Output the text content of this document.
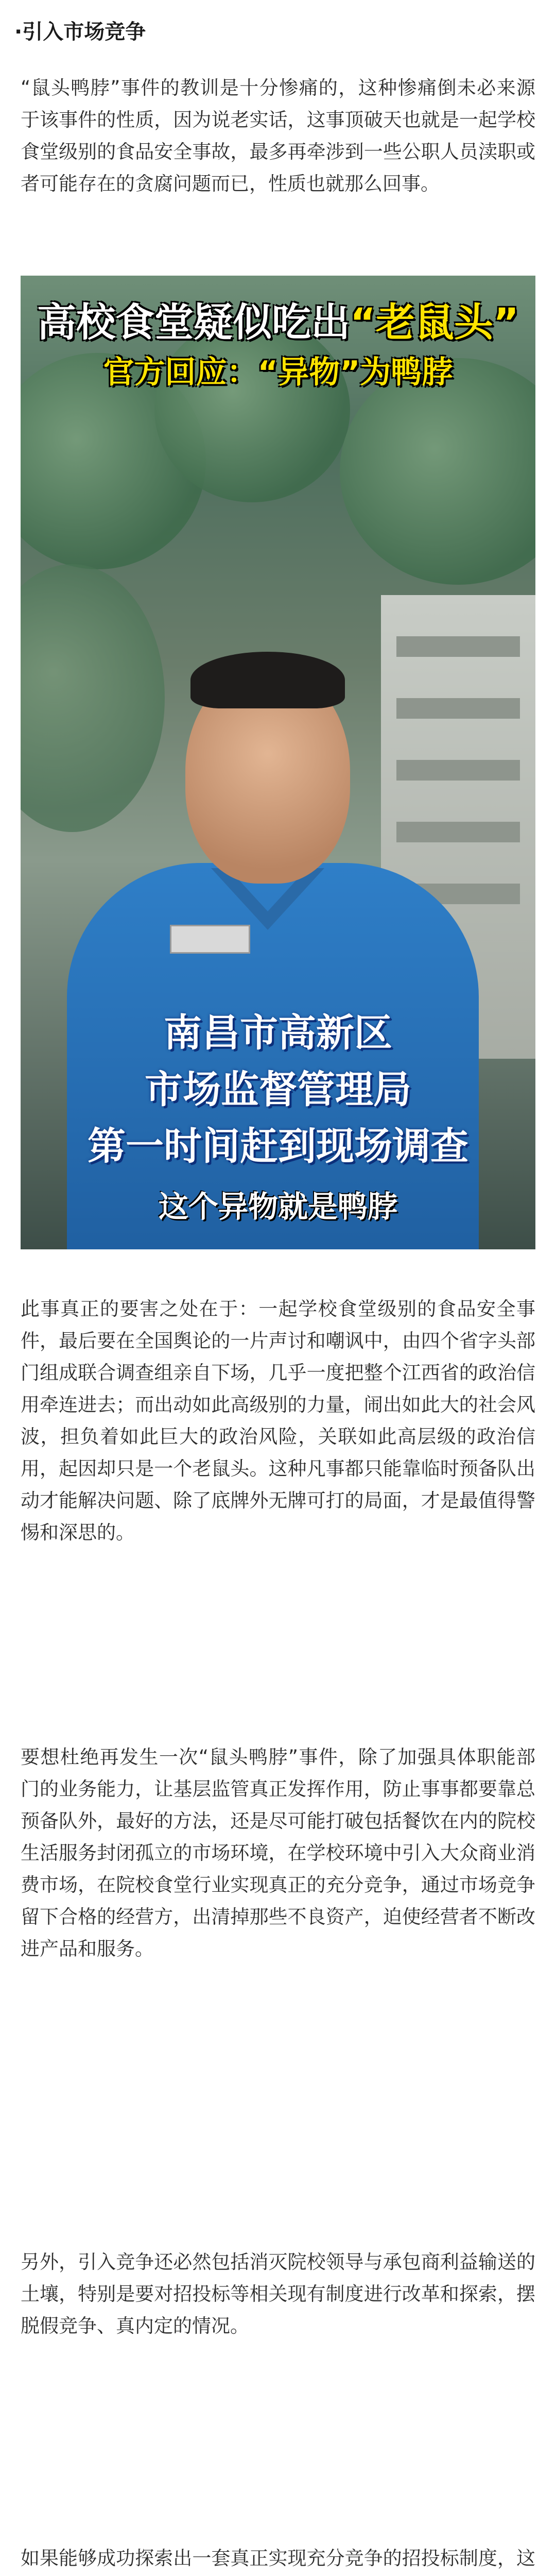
·引入市场竞争

“鼠头鸭脖”事件的教训是十分惨痛的，这种惨痛倒未必来源于该事件的性质，因为说老实话，这事顶破天也就是一起学校食堂级别的食品安全事故，最多再牵涉到一些公职人员渎职或者可能存在的贪腐问题而已，性质也就那么回事。

高校食堂疑似吃出“老鼠头”
官方回应：“异物”为鸭脖
南昌市高新区
市场监督管理局
第一时间赶到现场调查
这个异物就是鸭脖

此事真正的要害之处在于：一起学校食堂级别的食品安全事件，最后要在全国舆论的一片声讨和嘲讽中，由四个省字头部门组成联合调查组亲自下场，几乎一度把整个江西省的政治信用牵连进去；而出动如此高级别的力量，闹出如此大的社会风波，担负着如此巨大的政治风险，关联如此高层级的政治信用，起因却只是一个老鼠头。这种凡事都只能靠临时预备队出动才能解决问题、除了底牌外无牌可打的局面，才是最值得警惕和深思的。

要想杜绝再发生一次“鼠头鸭脖”事件，除了加强具体职能部门的业务能力，让基层监管真正发挥作用，防止事事都要靠总预备队外，最好的方法，还是尽可能打破包括餐饮在内的院校生活服务封闭孤立的市场环境，在学校环境中引入大众商业消费市场，在院校食堂行业实现真正的充分竞争，通过市场竞争留下合格的经营方，出清掉那些不良资产，迫使经营者不断改进产品和服务。

另外，引入竞争还必然包括消灭院校领导与承包商利益输送的土壤，特别是要对招投标等相关现有制度进行改革和探索，摆脱假竞争、真内定的情况。

如果能够成功探索出一套真正实现充分竞争的招投标制度，这
